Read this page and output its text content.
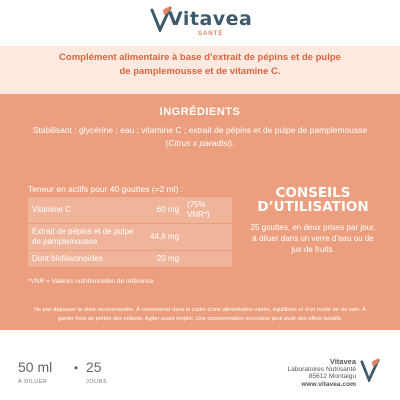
Vitavea
SANTÉ
Complément alimentaire à base d’extrait de pépins et de pulpe
de pamplemousse et de vitamine C.
INGRÉDIENTS
Stabilisant : glycérine ; eau ; vitamine C ; extrait de pépins et de pulpe de pamplemousse (Citrus x paradisi).
Teneur en actifs pour 40 gouttes (=2 ml) :
Vitamine C	60 mg	(75% VNR*)
Extrait de pépins et de pulpe de pamplemousse	44,6 mg	
Dont bioflavonoïdes	20 mg	
*VNR = Valeurs nutritionnelles de référence
CONSEILS
D’UTILISATION
25 gouttes, en deux prises par jour, à diluer dans un verre d’eau ou de jus de fruits.
Ne pas dépasser la dose recommandée. À consommer dans le cadre d’une alimentation variée, équilibrée et d’un mode de vie sain. À garder hors de portée des enfants. Agiter avant emploi. Une consommation excessive peut avoir des effets laxatifs.
50 ml
À DILUER
• 25
JOURS
Vitavea
Laboratoires Nutrisanté
85612 Montaigu
www.vitavea.com
